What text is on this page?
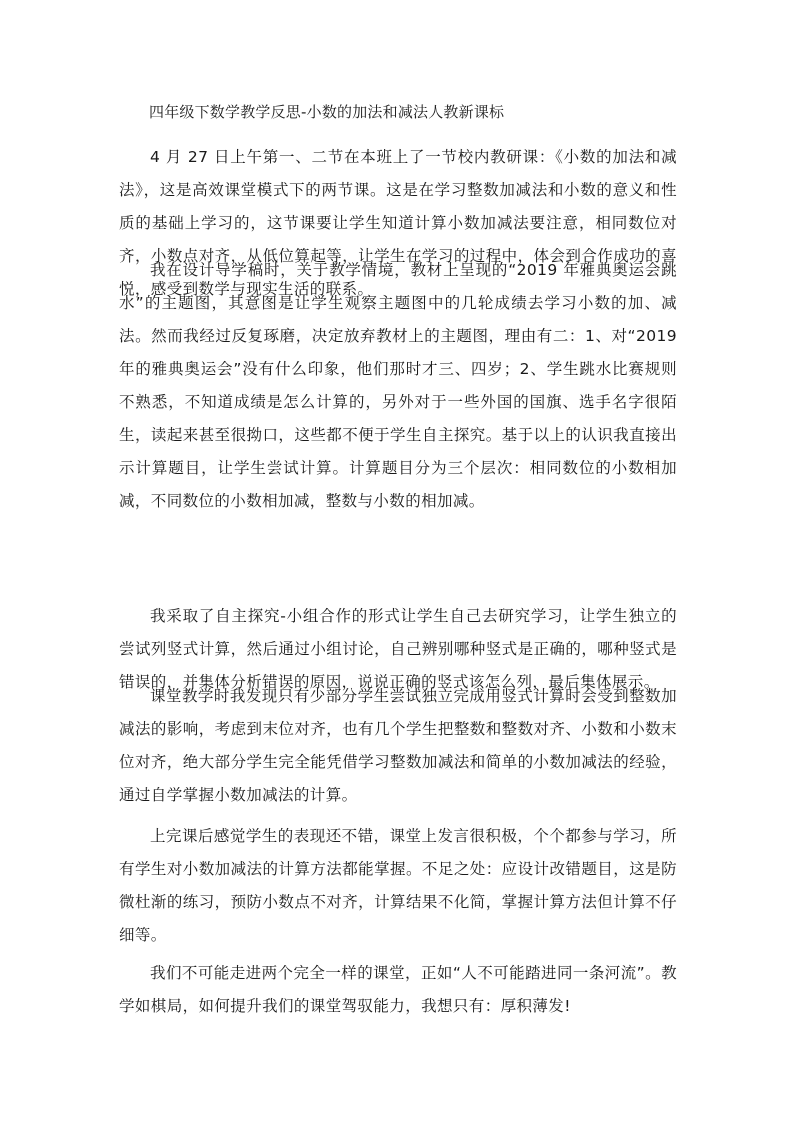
四年级下数学教学反思-小数的加法和减法人教新课标

4 月 27 日上午第一、二节在本班上了一节校内教研课：《小数的加法和减法》，这是高效课堂模式下的两节课。这是在学习整数加减法和小数的意义和性质的基础上学习的，这节课要让学生知道计算小数加减法要注意，相同数位对齐，小数点对齐，从低位算起等，让学生在学习的过程中，体会到合作成功的喜悦，感受到数学与现实生活的联系。

我在设计导学稿时，关于教学情境，教材上呈现的“2019 年雅典奥运会跳水”的主题图，其意图是让学生观察主题图中的几轮成绩去学习小数的加、减法。然而我经过反复琢磨，决定放弃教材上的主题图，理由有二：1、对“2019 年的雅典奥运会”没有什么印象，他们那时才三、四岁；2、学生跳水比赛规则不熟悉，不知道成绩是怎么计算的，另外对于一些外国的国旗、选手名字很陌生，读起来甚至很拗口，这些都不便于学生自主探究。基于以上的认识我直接出示计算题目，让学生尝试计算。计算题目分为三个层次：相同数位的小数相加减，不同数位的小数相加减，整数与小数的相加减。

我采取了自主探究-小组合作的形式让学生自己去研究学习，让学生独立的尝试列竖式计算，然后通过小组讨论，自己辨别哪种竖式是正确的，哪种竖式是错误的，并集体分析错误的原因，说说正确的竖式该怎么列，最后集体展示。

课堂教学时我发现只有少部分学生尝试独立完成用竖式计算时会受到整数加减法的影响，考虑到末位对齐，也有几个学生把整数和整数对齐、小数和小数末位对齐，绝大部分学生完全能凭借学习整数加减法和简单的小数加减法的经验，通过自学掌握小数加减法的计算。

上完课后感觉学生的表现还不错，课堂上发言很积极，个个都参与学习，所有学生对小数加减法的计算方法都能掌握。不足之处：应设计改错题目，这是防微杜渐的练习，预防小数点不对齐，计算结果不化简，掌握计算方法但计算不仔细等。

我们不可能走进两个完全一样的课堂，正如“人不可能踏进同一条河流”。教学如棋局，如何提升我们的课堂驾驭能力，我想只有：厚积薄发!
